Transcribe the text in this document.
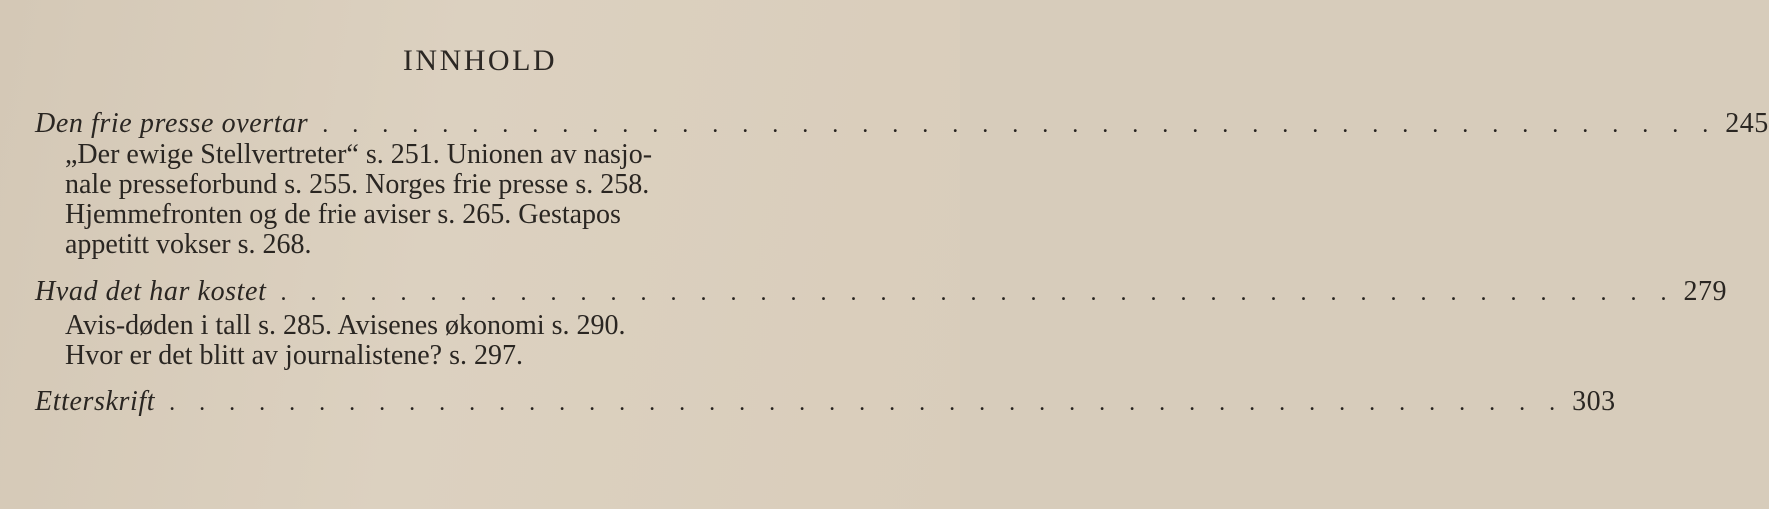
INNHOLD
Den frie presse overtar . . . . . . . . . . . . . . . . . . . . . . . . . . . . . . . . . . . . . . . . . . . . . . . 245
„Der ewige Stellvertreter“ s. 251. Unionen av nasjo-
nale presseforbund s. 255. Norges frie presse s. 258.
Hjemmefronten og de frie aviser s. 265. Gestapos
appetitt vokser s. 268.
Hvad det har kostet . . . . . . . . . . . . . . . . . . . . . . . . . . . . . . . . . . . . . . . . . . . . . . . 279
Avis-døden i tall s. 285. Avisenes økonomi s. 290.
Hvor er det blitt av journalistene? s. 297.
Etterskrift . . . . . . . . . . . . . . . . . . . . . . . . . . . . . . . . . . . . . . . . . . . . . . . 303
